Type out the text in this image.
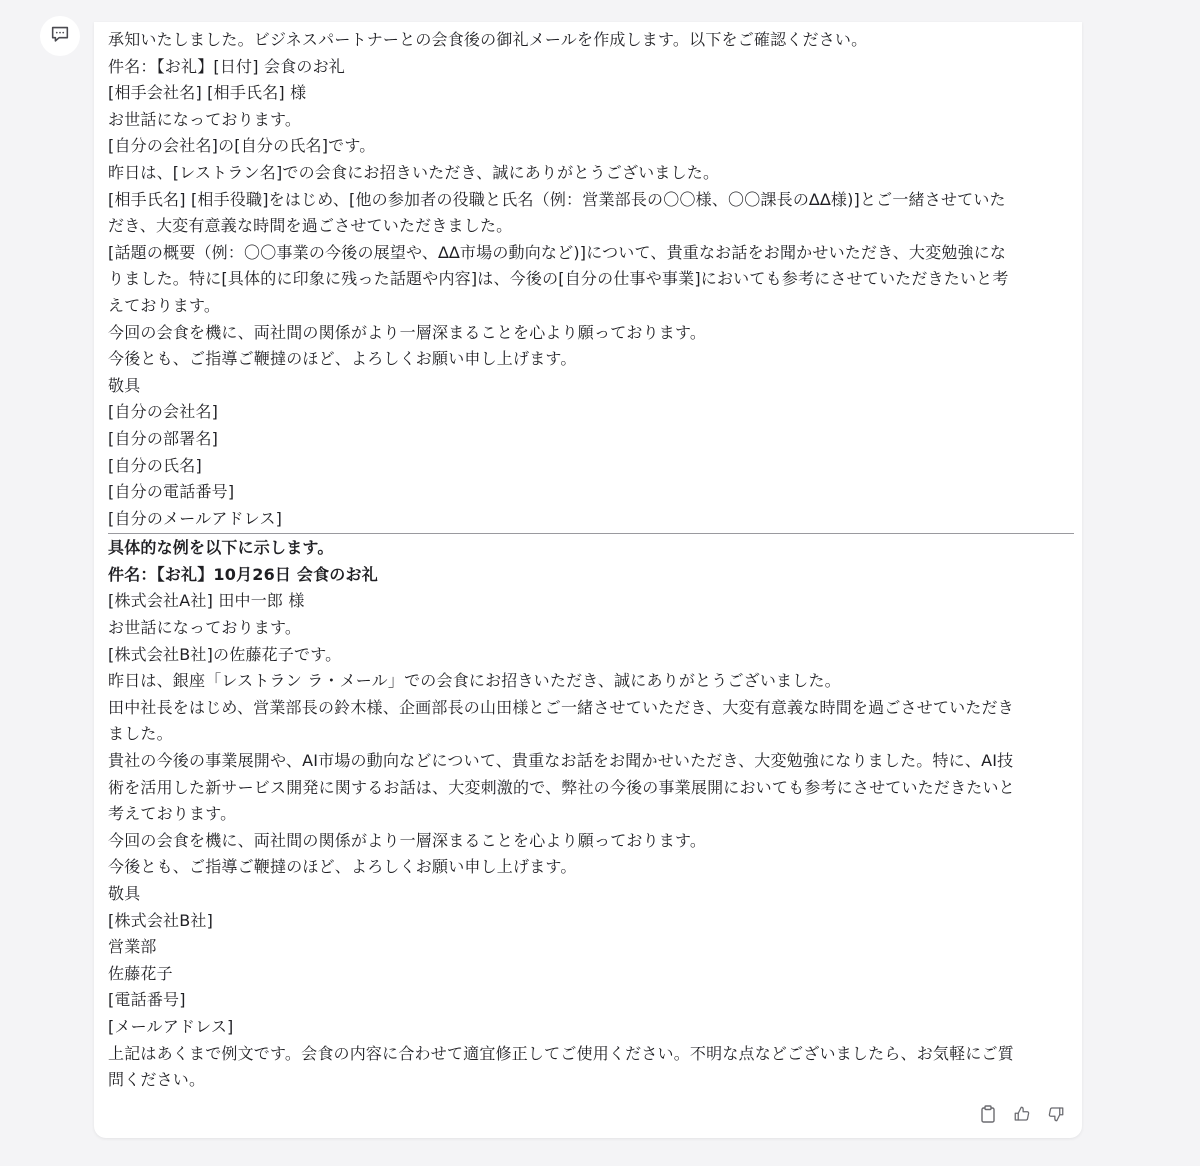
承知いたしました。ビジネスパートナーとの会食後の御礼メールを作成します。以下をご確認ください。
件名：【お礼】[日付] 会食のお礼
[相手会社名] [相手氏名] 様
お世話になっております。
[自分の会社名]の[自分の氏名]です。
昨日は、[レストラン名]での会食にお招きいただき、誠にありがとうございました。
[相手氏名] [相手役職]をはじめ、[他の参加者の役職と氏名（例：営業部長の〇〇様、〇〇課長の∆∆様)]とご一緒させていた
だき、大変有意義な時間を過ごさせていただきました。
[話題の概要（例：〇〇事業の今後の展望や、∆∆市場の動向など)]について、貴重なお話をお聞かせいただき、大変勉強にな
りました。特に[具体的に印象に残った話題や内容]は、今後の[自分の仕事や事業]においても参考にさせていただきたいと考
えております。
今回の会食を機に、両社間の関係がより一層深まることを心より願っております。
今後とも、ご指導ご鞭撻のほど、よろしくお願い申し上げます。
敬具
[自分の会社名]
[自分の部署名]
[自分の氏名]
[自分の電話番号]
[自分のメールアドレス]
具体的な例を以下に示します。
件名：【お礼】10月26日 会食のお礼
[株式会社A社] 田中一郎 様
お世話になっております。
[株式会社B社]の佐藤花子です。
昨日は、銀座「レストラン ラ・メール」での会食にお招きいただき、誠にありがとうございました。
田中社長をはじめ、営業部長の鈴木様、企画部長の山田様とご一緒させていただき、大変有意義な時間を過ごさせていただき
ました。
貴社の今後の事業展開や、AI市場の動向などについて、貴重なお話をお聞かせいただき、大変勉強になりました。特に、AI技
術を活用した新サービス開発に関するお話は、大変刺激的で、弊社の今後の事業展開においても参考にさせていただきたいと
考えております。
今回の会食を機に、両社間の関係がより一層深まることを心より願っております。
今後とも、ご指導ご鞭撻のほど、よろしくお願い申し上げます。
敬具
[株式会社B社]
営業部
佐藤花子
[電話番号]
[メールアドレス]
上記はあくまで例文です。会食の内容に合わせて適宜修正してご使用ください。不明な点などございましたら、お気軽にご質
問ください。
